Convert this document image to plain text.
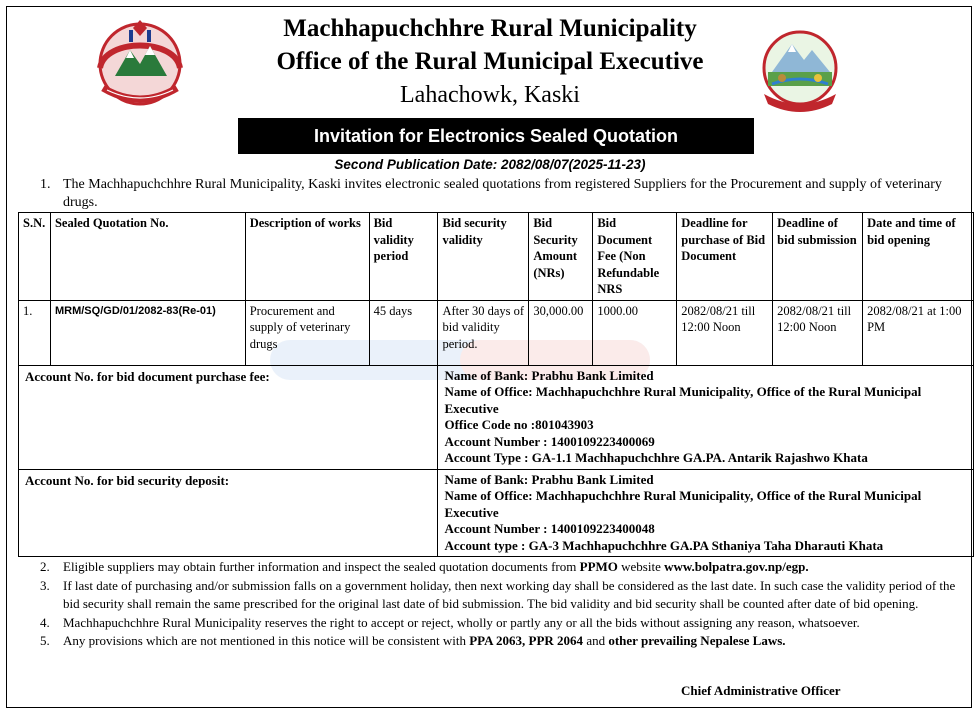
Machhapuchchhre Rural Municipality
Office of the Rural Municipal Executive
Lahachowk, Kaski
Invitation for Electronics Sealed Quotation
Second Publication Date: 2082/08/07(2025-11-23)
1. The Machhapuchchhre Rural Municipality, Kaski invites electronic sealed quotations from registered Suppliers for the Procurement and supply of veterinary drugs.
S.N.	Sealed Quotation No.	Description of works	Bid validity period	Bid security validity	Bid Security Amount (NRs)	Bid Document Fee (Non Refundable NRS	Deadline for purchase of Bid Document	Deadline of bid submission	Date and time of bid opening
1.	MRM/SQ/GD/01/2082-83(Re-01)	Procurement and supply of veterinary drugs	45 days	After 30 days of bid validity period.	30,000.00	1000.00	2082/08/21 till 12:00 Noon	2082/08/21 till 12:00 Noon	2082/08/21 at 1:00 PM
Account No. for bid document purchase fee:				Name of Bank: Prabhu Bank Limited
Name of Office: Machhapuchchhre Rural Municipality, Office of the Rural Municipal Executive
Office Code no :801043903
Account Number : 1400109223400069
Account Type : GA-1.1 Machhapuchchhre GA.PA. Antarik Rajashwo Khata					

Account No. for bid security deposit:				Name of Bank: Prabhu Bank Limited
Name of Office: Machhapuchchhre Rural Municipality, Office of the Rural Municipal Executive
Account Number : 1400109223400048
Account type : GA-3 Machhapuchchhre GA.PA Sthaniya Taha Dharauti Khata					

2. Eligible suppliers may obtain further information and inspect the sealed quotation documents from PPMO website www.bolpatra.gov.np/egp.

3. If last date of purchasing and/or submission falls on a government holiday, then next working day shall be considered as the last date. In such case the validity period of the bid security shall remain the same prescribed for the original last date of bid submission. The bid validity and bid security shall be counted after date of bid opening.

4. Machhapuchchhre Rural Municipality reserves the right to accept or reject, wholly or partly any or all the bids without assigning any reason, whatsoever.

5. Any provisions which are not mentioned in this notice will be consistent with PPA 2063, PPR 2064 and other prevailing Nepalese Laws.

Chief Administrative Officer
